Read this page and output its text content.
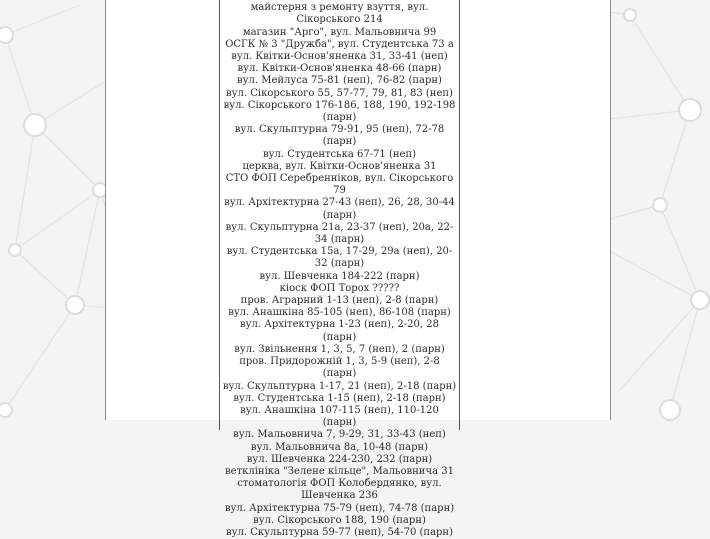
майстерня з ремонту взуття, вул. Сікорського 214
магазин "Арго", вул. Мальовнича 99
ОСГК № 3 "Дружба", вул. Студентська 73 а
вул. Квітки-Основ'яненка 31, 33-41 (неп)
вул. Квітки-Основ'яненка 48-66 (парн)
вул. Мейлуса 75-81 (неп), 76-82 (парн)
вул. Сікорського 55, 57-77, 79, 81, 83 (неп)
вул. Сікорського 176-186, 188, 190, 192-198 (парн)
вул. Скульптурна 79-91, 95 (неп), 72-78 (парн)
вул. Студентська 67-71 (неп)
церква, вул. Квітки-Основ'яненка 31
СТО ФОП Серебренніков, вул. Сікорського 79
вул. Архітектурна 27-43 (неп), 26, 28, 30-44 (парн)
вул. Скульптурна 21а, 23-37 (неп), 20а, 22-34 (парн)
вул. Студентська 15а, 17-29, 29а (неп), 20-32 (парн)
вул. Шевченка 184-222 (парн)
кіоск ФОП Торох ?????
пров. Аграрний 1-13 (неп), 2-8 (парн)
вул. Анашкіна 85-105 (неп), 86-108 (парн)
вул. Архітектурна 1-23 (неп), 2-20, 28 (парн)
вул. Звільнення 1, 3, 5, 7 (неп), 2 (парн)
пров. Придорожній 1, 3, 5-9 (неп), 2-8 (парн)
вул. Скульптурна 1-17, 21 (неп), 2-18 (парн)
вул. Студентська 1-15 (неп), 2-18 (парн)
вул. Анашкіна 107-115 (неп), 110-120 (парн)
вул. Мальовнича 7, 9-29, 31, 33-43 (неп)
вул. Мальовнича 8а, 10-48 (парн)
вул. Шевченка 224-230, 232 (парн)
ветклініка "Зелене кільце", Мальовнича 31
стоматологія ФОП Колобердянко, вул. Шевченка 236
вул. Архітектурна 75-79 (неп), 74-78 (парн)
вул. Сікорського 188, 190 (парн)
вул. Скульптурна 59-77 (неп), 54-70 (парн)
